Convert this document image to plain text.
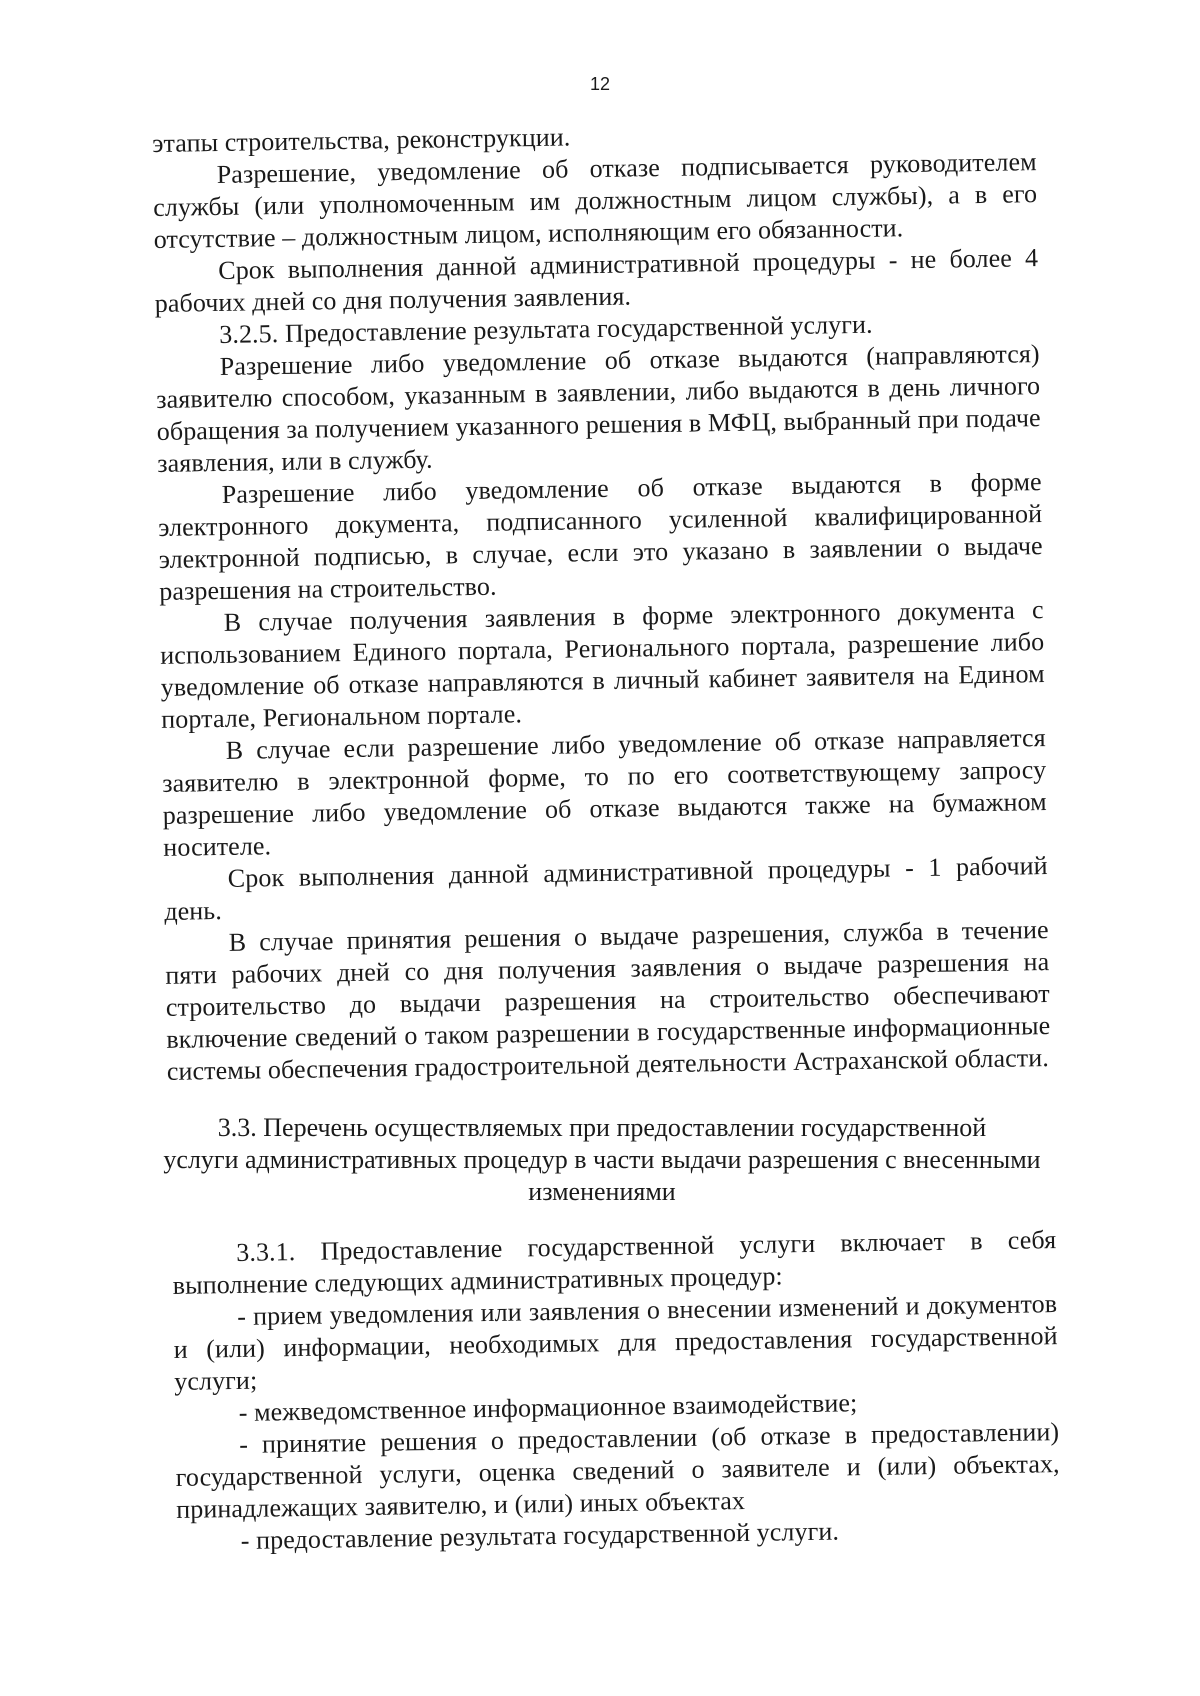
12

этапы строительства, реконструкции.

Разрешение, уведомление об отказе подписывается руководителем службы (или уполномоченным им должностным лицом службы), а в его отсутствие – должностным лицом, исполняющим его обязанности.

Срок выполнения данной административной процедуры - не более 4 рабочих дней со дня получения заявления.

3.2.5. Предоставление результата государственной услуги.

Разрешение либо уведомление об отказе выдаются (направляются) заявителю способом, указанным в заявлении, либо выдаются в день личного обращения за получением указанного решения в МФЦ, выбранный при подаче заявления, или в службу.

Разрешение либо уведомление об отказе выдаются в форме электронного документа, подписанного усиленной квалифицированной электронной подписью, в случае, если это указано в заявлении о выдаче разрешения на строительство.

В случае получения заявления в форме электронного документа с использованием Единого портала, Регионального портала, разрешение либо уведомление об отказе направляются в личный кабинет заявителя на Едином портале, Региональном портале.

В случае если разрешение либо уведомление об отказе направляется заявителю в электронной форме, то по его соответствующему запросу разрешение либо уведомление об отказе выдаются также на бумажном носителе.

Срок выполнения данной административной процедуры - 1 рабочий день.

В случае принятия решения о выдаче разрешения, служба в течение пяти рабочих дней со дня получения заявления о выдаче разрешения на строительство до выдачи разрешения на строительство обеспечивают включение сведений о таком разрешении в государственные информационные системы обеспечения градостроительной деятельности Астраханской области.

3.3. Перечень осуществляемых при предоставлении государственной
услуги административных процедур в части выдачи разрешения с внесенными
изменениями

3.3.1. Предоставление государственной услуги включает в себя выполнение следующих административных процедур:

- прием уведомления или заявления о внесении изменений и документов и (или) информации, необходимых для предоставления государственной услуги;

- межведомственное информационное взаимодействие;

- принятие решения о предоставлении (об отказе в предоставлении) государственной услуги, оценка сведений о заявителе и (или) объектах, принадлежащих заявителю, и (или) иных объектах

- предоставление результата государственной услуги.
